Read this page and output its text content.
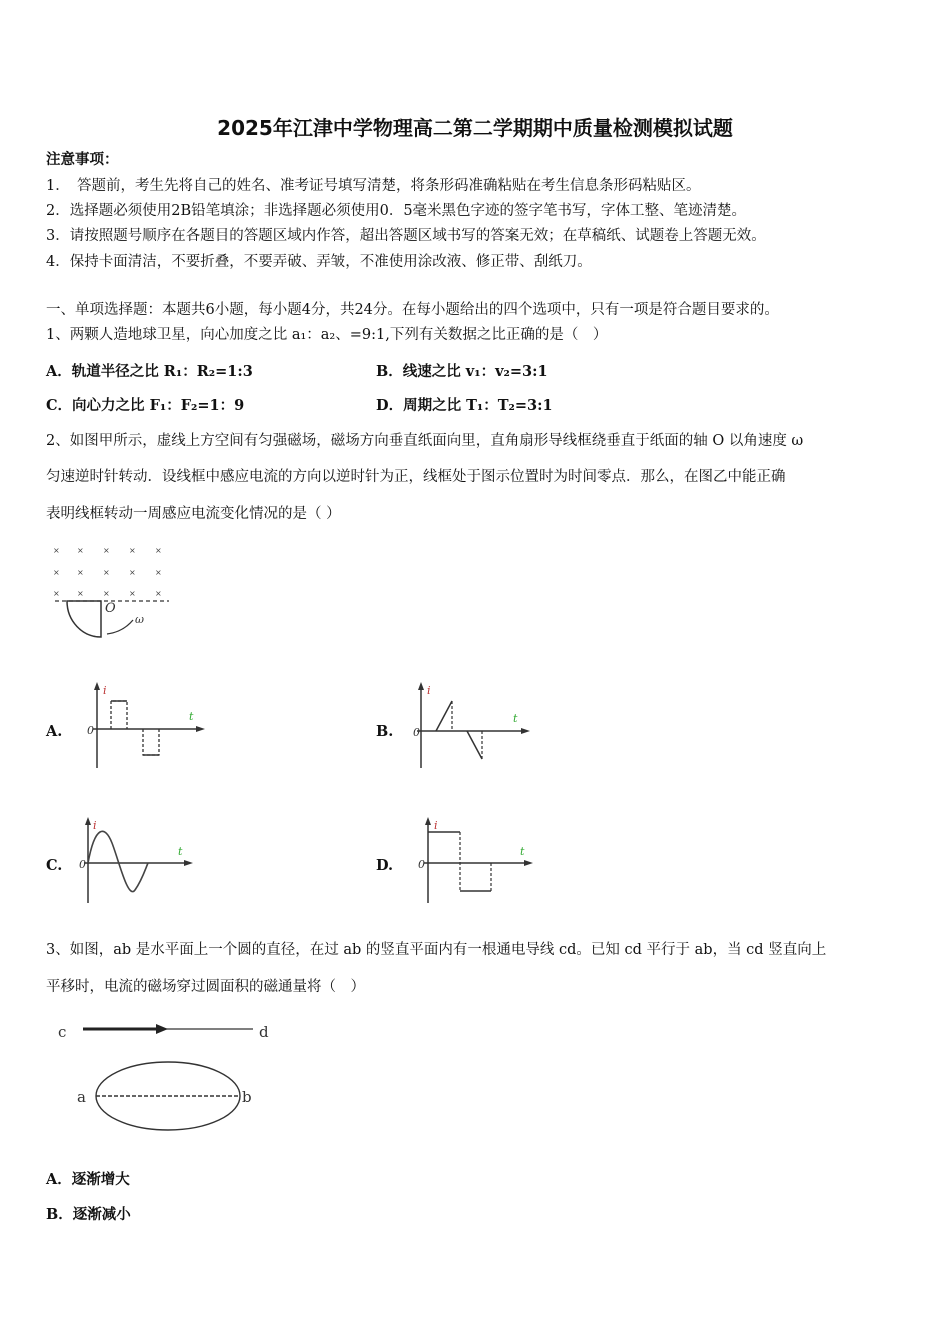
2025年江津中学物理高二第二学期期中质量检测模拟试题
注意事项：
1．　答题前，考生先将自己的姓名、准考证号填写清楚，将条形码准确粘贴在考生信息条形码粘贴区。
2．选择题必须使用2B铅笔填涂；非选择题必须使用0．5毫米黑色字迹的签字笔书写，字体工整、笔迹清楚。
3．请按照题号顺序在各题目的答题区域内作答，超出答题区域书写的答案无效；在草稿纸、试题卷上答题无效。
4．保持卡面清洁，不要折叠，不要弄破、弄皱，不准使用涂改液、修正带、刮纸刀。
一、单项选择题：本题共6小题，每小题4分，共24分。在每小题给出的四个选项中，只有一项是符合题目要求的。
1、两颗人造地球卫星，向心加度之比 a₁：a₂、=9:1,下列有关数据之比正确的是（　）
A．轨道半径之比 R₁：R₂=1:3	B．线速之比 v₁：v₂=3:1
C．向心力之比 F₁：F₂=1：9	D．周期之比 T₁：T₂=3:1
2、如图甲所示，虚线上方空间有匀强磁场，磁场方向垂直纸面向里，直角扇形导线框绕垂直于纸面的轴 O 以角速度 ω
匀速逆时针转动．设线框中感应电流的方向以逆时针为正，线框处于图示位置时为时间零点．那么，在图乙中能正确
表明线框转动一周感应电流变化情况的是（ ）
× × × × ×
× × × × ×
× × × × ×
O
ω
A.
i
t
0	B.
i
t
0
C.
i
t
0	D.
i
t
0
3、如图，ab 是水平面上一个圆的直径，在过 ab 的竖直平面内有一根通电导线 cd。已知 cd 平行于 ab，当 cd 竖直向上
平移时，电流的磁场穿过圆面积的磁通量将（　）
c	d
a	b
A．逐渐增大
B．逐渐减小
